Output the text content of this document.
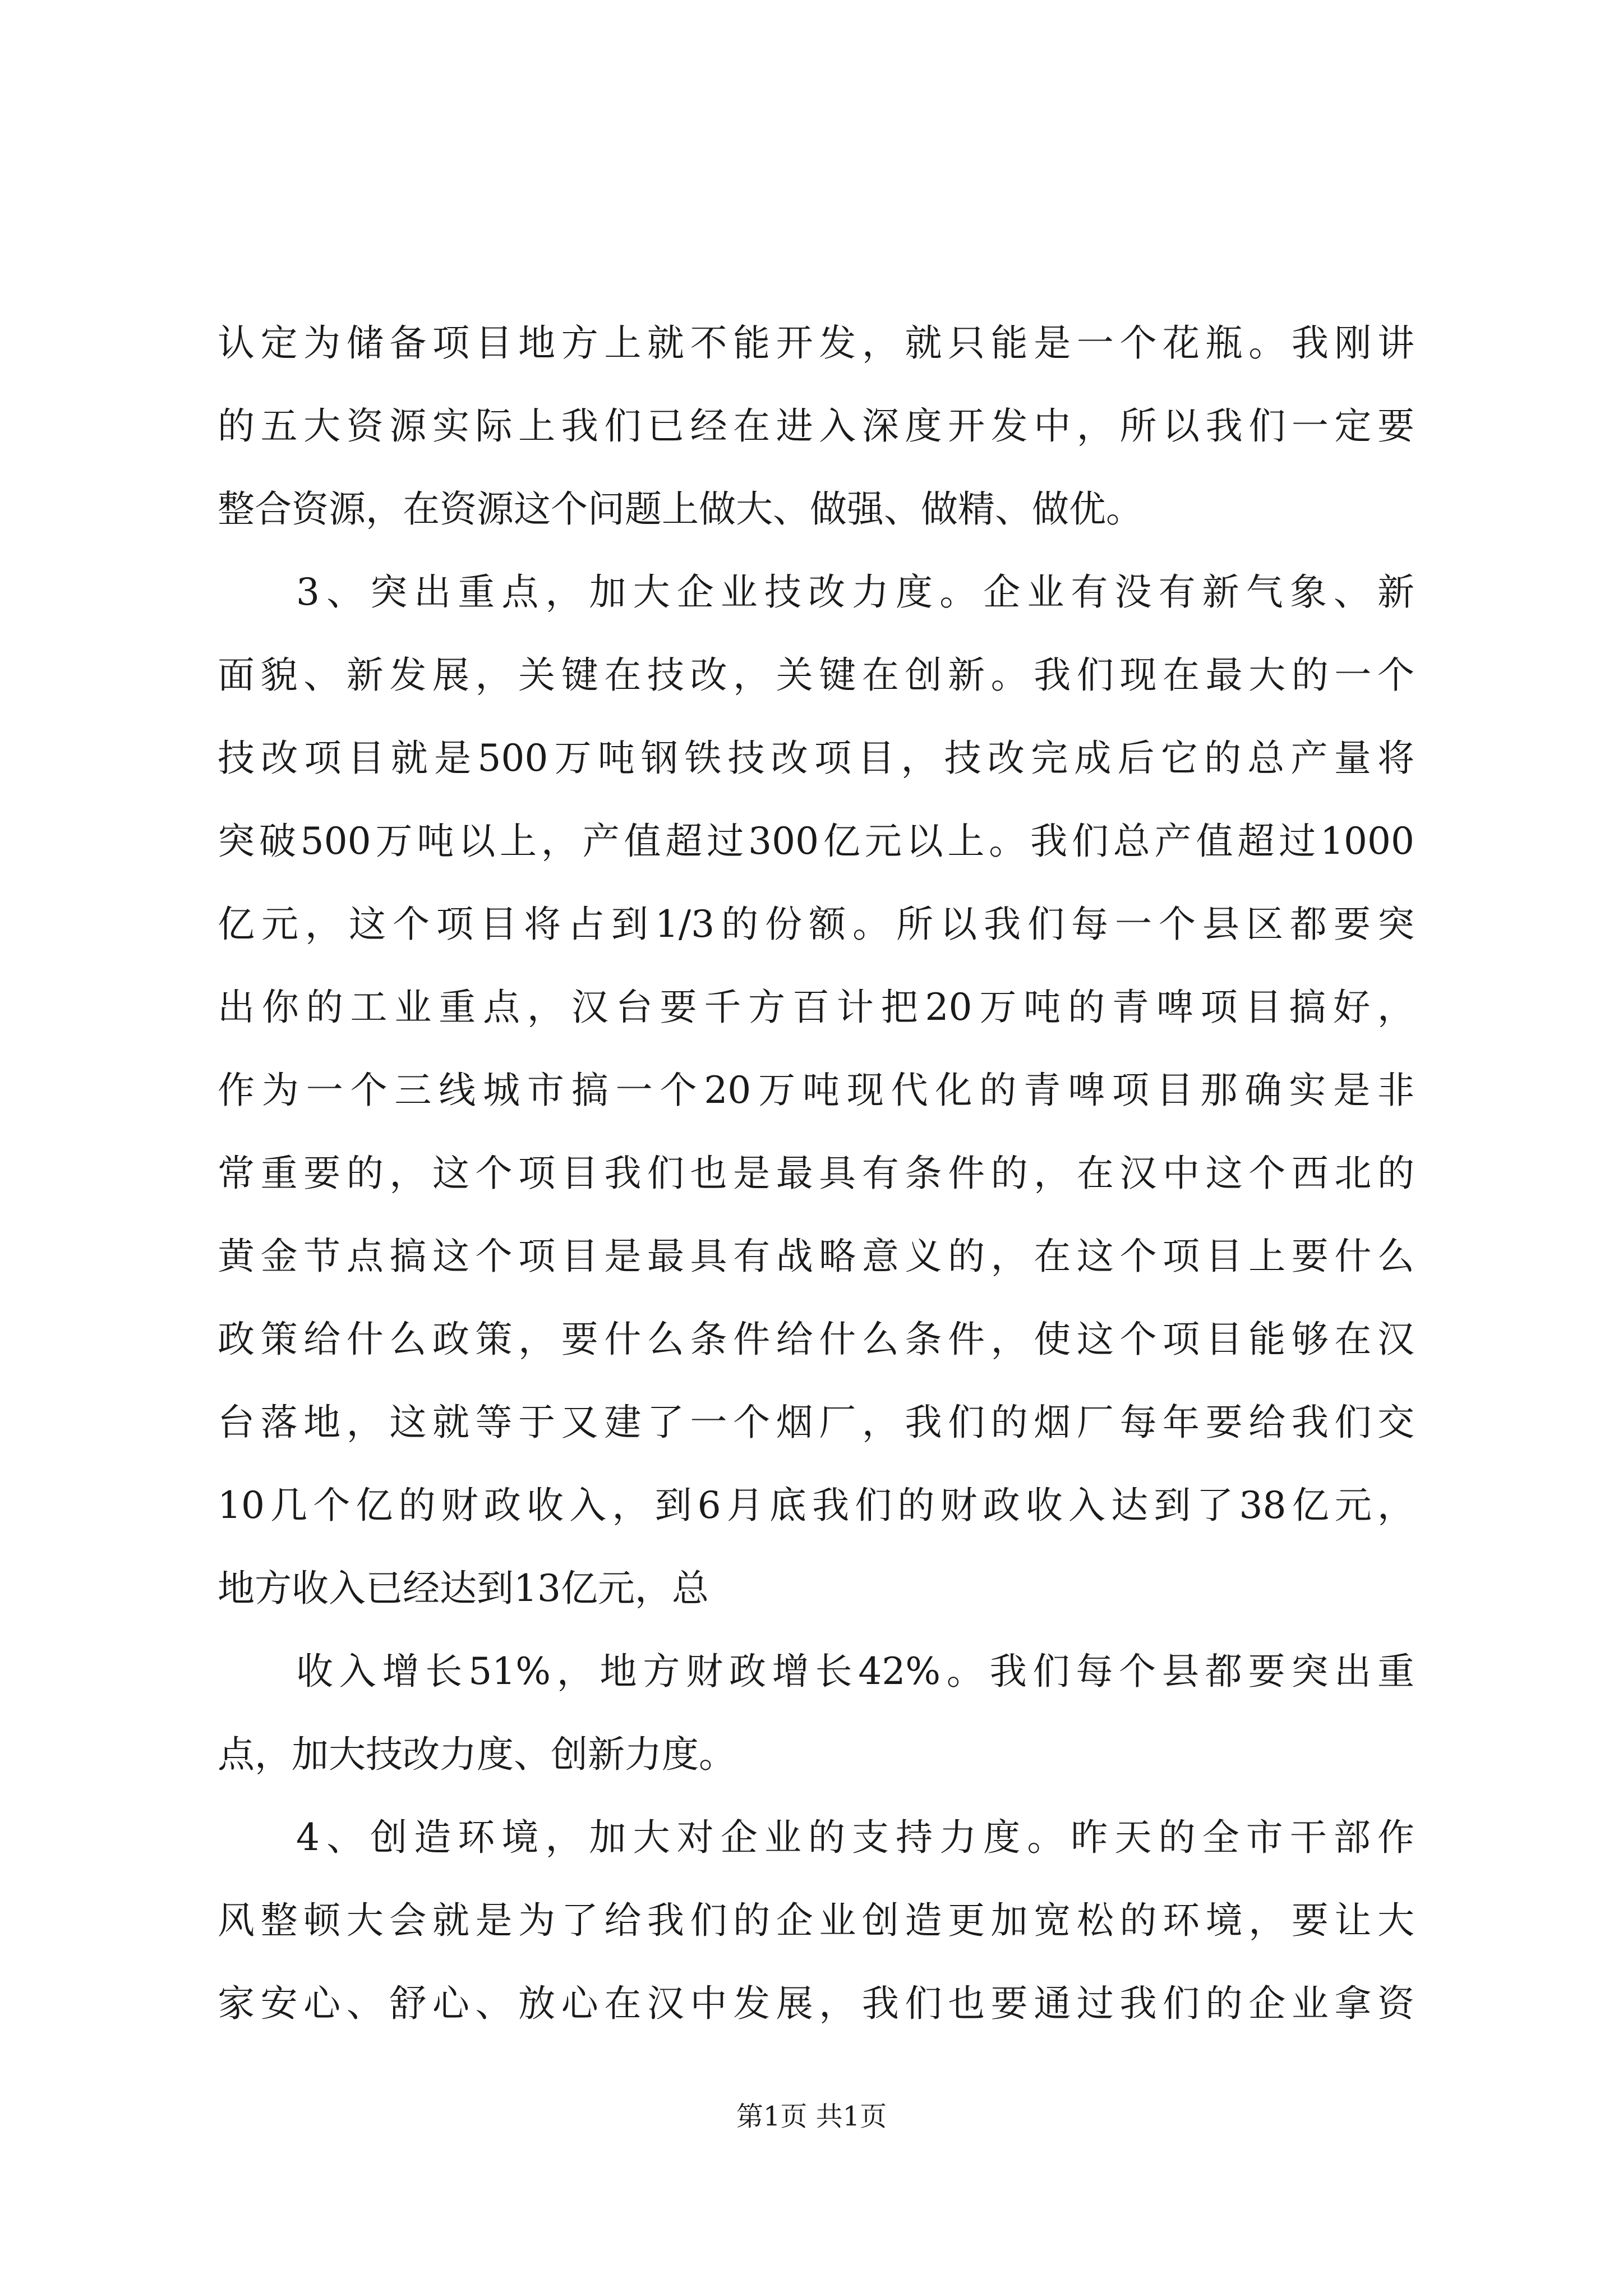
认定为储备项目地方上就不能开发，就只能是一个花瓶。我刚讲
的五大资源实际上我们已经在进入深度开发中，所以我们一定要
整合资源，在资源这个问题上做大、做强、做精、做优。
3、突出重点，加大企业技改力度。企业有没有新气象、新
面貌、新发展，关键在技改，关键在创新。我们现在最大的一个
技改项目就是500万吨钢铁技改项目，技改完成后它的总产量将
突破500万吨以上，产值超过300亿元以上。我们总产值超过1000
亿元，这个项目将占到1/3的份额。所以我们每一个县区都要突
出你的工业重点，汉台要千方百计把20万吨的青啤项目搞好，
作为一个三线城市搞一个20万吨现代化的青啤项目那确实是非
常重要的，这个项目我们也是最具有条件的，在汉中这个西北的
黄金节点搞这个项目是最具有战略意义的，在这个项目上要什么
政策给什么政策，要什么条件给什么条件，使这个项目能够在汉
台落地，这就等于又建了一个烟厂，我们的烟厂每年要给我们交
10几个亿的财政收入，到6月底我们的财政收入达到了38亿元，
地方收入已经达到13亿元，总
收入增长51%，地方财政增长42%。我们每个县都要突出重
点，加大技改力度、创新力度。
4、创造环境，加大对企业的支持力度。昨天的全市干部作
风整顿大会就是为了给我们的企业创造更加宽松的环境，要让大
家安心、舒心、放心在汉中发展，我们也要通过我们的企业拿资
第1页 共1页
